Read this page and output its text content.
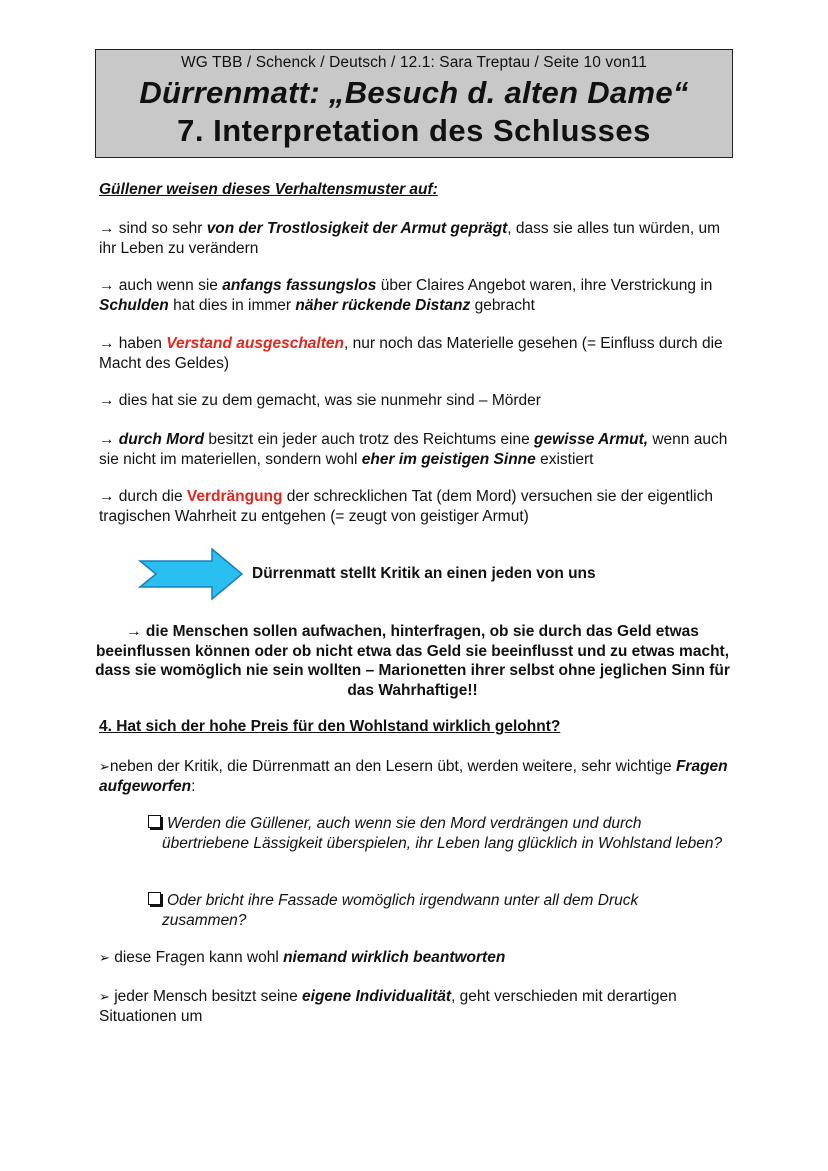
WG TBB / Schenck / Deutsch / 12.1: Sara Treptau / Seite 10 von11
Dürrenmatt: „Besuch d. alten Dame“
7. Interpretation des Schlusses
Güllener weisen dieses Verhaltensmuster auf:
→ sind so sehr von der Trostlosigkeit der Armut geprägt, dass sie alles tun würden, um ihr Leben zu verändern
→ auch wenn sie anfangs fassungslos über Claires Angebot waren, ihre Verstrickung in Schulden hat dies in immer näher rückende Distanz gebracht
→ haben Verstand ausgeschalten, nur noch das Materielle gesehen (= Einfluss durch die Macht des Geldes)
→ dies hat sie zu dem gemacht, was sie nunmehr sind – Mörder
→ durch Mord besitzt ein jeder auch trotz des Reichtums eine gewisse Armut, wenn auch sie nicht im materiellen, sondern wohl eher im geistigen Sinne existiert
→ durch die Verdrängung der schrecklichen Tat (dem Mord) versuchen sie der eigentlich tragischen Wahrheit zu entgehen (= zeugt von geistiger Armut)
Dürrenmatt stellt Kritik an einen jeden von uns
→ die Menschen sollen aufwachen, hinterfragen, ob sie durch das Geld etwas beeinflussen können oder ob nicht etwa das Geld sie beeinflusst und zu etwas macht, dass sie womöglich nie sein wollten – Marionetten ihrer selbst ohne jeglichen Sinn für das Wahrhaftige!!
4. Hat sich der hohe Preis für den Wohlstand wirklich gelohnt?
➢neben der Kritik, die Dürrenmatt an den Lesern übt, werden weitere, sehr wichtige Fragen aufgeworfen:
Werden die Güllener, auch wenn sie den Mord verdrängen und durch

übertriebene Lässigkeit überspielen, ihr Leben lang glücklich in Wohlstand leben?
Oder bricht ihre Fassade womöglich irgendwann unter all dem Druck

zusammen?
➢ diese Fragen kann wohl niemand wirklich beantworten
➢ jeder Mensch besitzt seine eigene Individualität, geht verschieden mit derartigen Situationen um
